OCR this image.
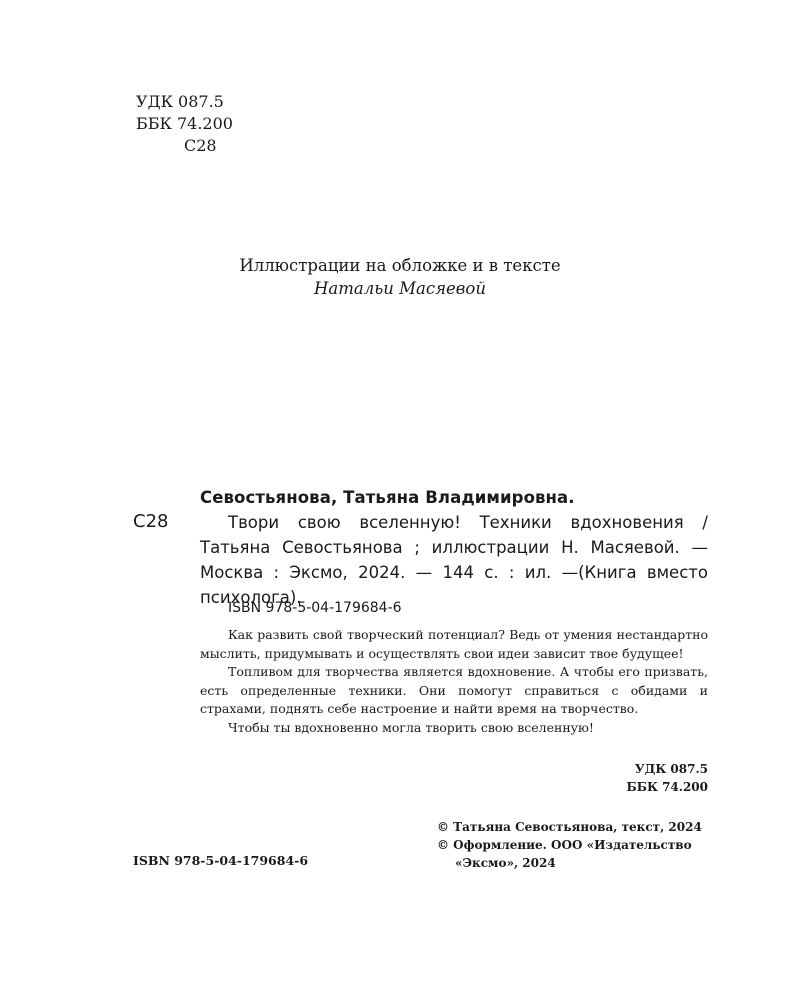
УДК 087.5
ББК 74.200
С28
Иллюстрации на обложке и в тексте
Натальи Масяевой
С28
Севостьянова, Татьяна Владимировна.
Твори свою вселенную! Техники вдохновения / Татьяна Севостьянова ; иллюстрации Н. Масяевой. — Москва : Эксмо, 2024. — 144 с. : ил. —(Книга вместо психолога).
ISBN 978-5-04-179684-6

Как развить свой творческий потенциал? Ведь от умения нестандартно мыслить, придумывать и осуществлять свои идеи зависит твое будущее!

Топливом для творчества является вдохновение. А чтобы его призвать, есть определенные техники. Они помогут справиться с обидами и страхами, поднять себе настроение и найти время на творчество.

Чтобы ты вдохновенно могла творить свою вселенную!

УДК 087.5
ББК 74.200
© Татьяна Севостьянова, текст, 2024
© Оформление. ООО «Издательство
«Эксмо», 2024
ISBN 978-5-04-179684-6
